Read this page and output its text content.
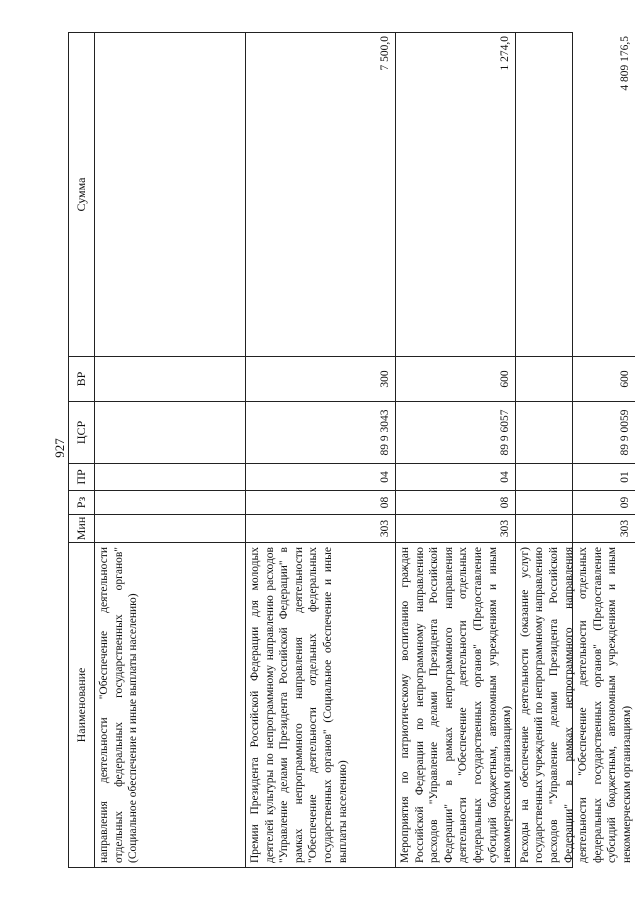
927
Наименование
Мин
Рз
ПР
ЦСР
ВР
Сумма
направления деятельности "Обеспечение деятельности отдельных федеральных государственных органов" (Социальное обеспечение и иные выплаты населению)	Премии Президента Российской Федерации для молодых деятелей культуры по непрограммному направлению расходов "Управление делами Президента Российской Федерации" в рамках непрограммного направления деятельности "Обеспечение деятельности отдельных федеральных государственных органов" (Социальное обеспечение и иные выплаты населению)
303
08
04
89 9 3043
300
7 500,0
Мероприятия по патриотическому воспитанию граждан Российской Федерации по непрограммному направлению расходов "Управление делами Президента Российской Федерации" в рамках непрограммного направления деятельности "Обеспечение деятельности отдельных федеральных государственных органов" (Предоставление субсидий бюджетным, автономным учреждениям и иным некоммерческим организациям)
303
08
04
89 9 6057
600
1 274,0
Расходы на обеспечение деятельности (оказание услуг) государственных учреждений по непрограммному направлению расходов "Управление делами Президента Российской Федерации" в рамках непрограммного направления деятельности "Обеспечение деятельности отдельных федеральных государственных органов" (Предоставление субсидий бюджетным, автономным учреждениям и иным некоммерческим организациям)
303
09
01
89 9 0059
600
4 809 176,5
